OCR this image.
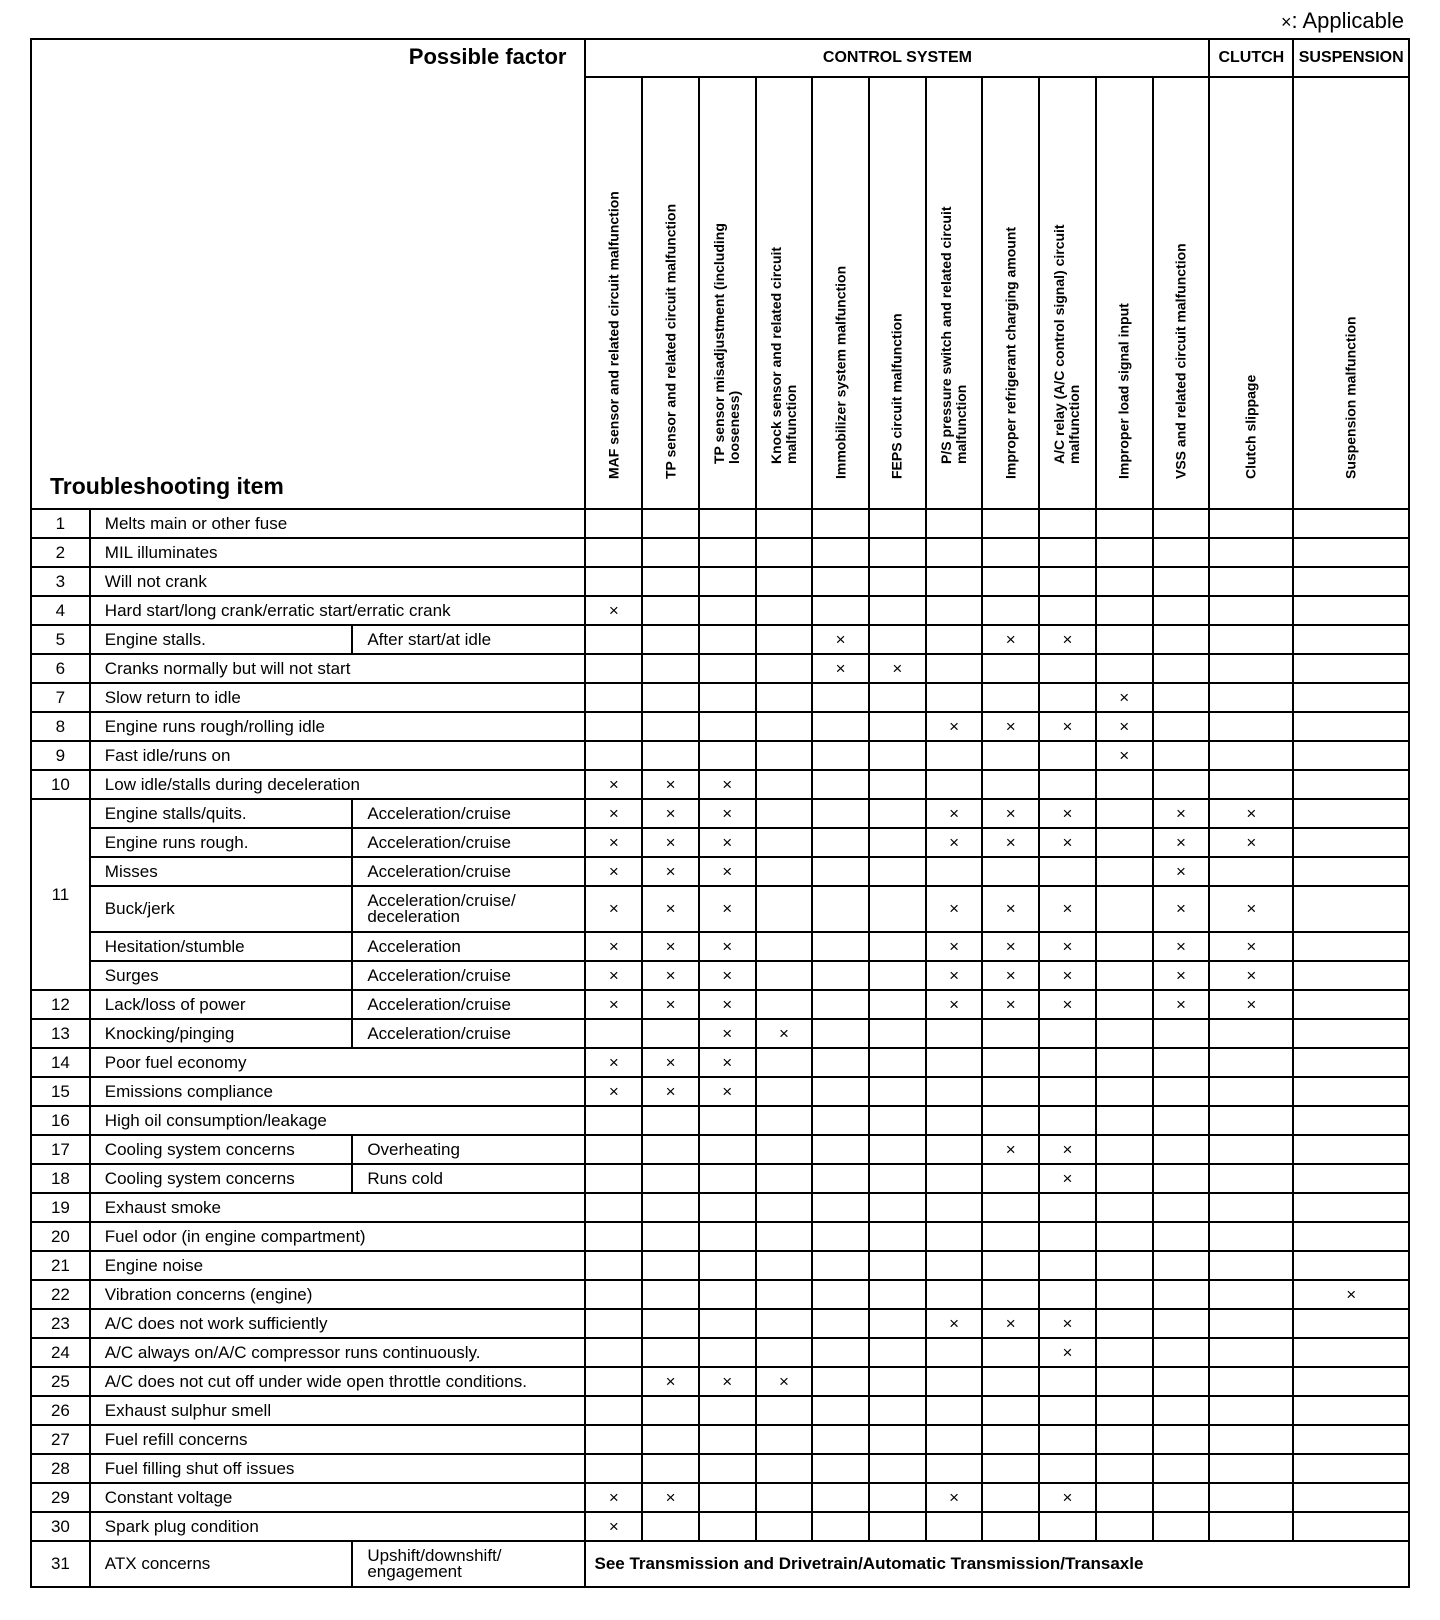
×: Applicable
Possible factor
Troubleshooting item			CONTROL SYSTEM											CLUTCH	SUSPENSION

			MAF sensor and related circuit malfunction	TP sensor and related circuit malfunction	TP sensor misadjustment (including
looseness)	Knock sensor and related circuit
malfunction	Immobilizer system malfunction	FEPS circuit malfunction	P/S pressure switch and related circuit
malfunction	Improper refrigerant charging amount	A/C relay (A/C control signal) circuit
malfunction	Improper load signal input	VSS and related circuit malfunction	Clutch slippage	Suspension malfunction

1	Melts main or other fuse														
2	MIL illuminates														
3	Will not crank														
4	Hard start/long crank/erratic start/erratic crank		×												
5	Engine stalls.	After start/at idle					×			×	×				
6	Cranks normally but will not start						×	×							
7	Slow return to idle											×			
8	Engine runs rough/rolling idle								×	×	×	×			
9	Fast idle/runs on											×			
10	Low idle/stalls during deceleration		×	×	×										
11	Engine stalls/quits.	Acceleration/cruise	×	×	×				×	×	×		×	×	
	Engine runs rough.	Acceleration/cruise	×	×	×				×	×	×		×	×	
	Misses	Acceleration/cruise	×	×	×								×		
	Buck/jerk	Acceleration/cruise/
deceleration	×	×	×				×	×	×		×	×	
	Hesitation/stumble	Acceleration	×	×	×				×	×	×		×	×	
	Surges	Acceleration/cruise	×	×	×				×	×	×		×	×	
12	Lack/loss of power	Acceleration/cruise	×	×	×				×	×	×		×	×	
13	Knocking/pinging	Acceleration/cruise			×	×									
14	Poor fuel economy		×	×	×										
15	Emissions compliance		×	×	×										
16	High oil consumption/leakage														
17	Cooling system concerns	Overheating								×	×				
18	Cooling system concerns	Runs cold									×				
19	Exhaust smoke														
20	Fuel odor (in engine compartment)														
21	Engine noise														
22	Vibration concerns (engine)														×
23	A/C does not work sufficiently								×	×	×				
24	A/C always on/A/C compressor runs continuously.										×				
25	A/C does not cut off under wide open throttle conditions.			×	×	×									
26	Exhaust sulphur smell														
27	Fuel refill concerns														
28	Fuel filling shut off issues														
29	Constant voltage		×	×					×		×				
30	Spark plug condition		×												
31	ATX concerns	Upshift/downshift/
engagement	See Transmission and Drivetrain/Automatic Transmission/Transaxle												
